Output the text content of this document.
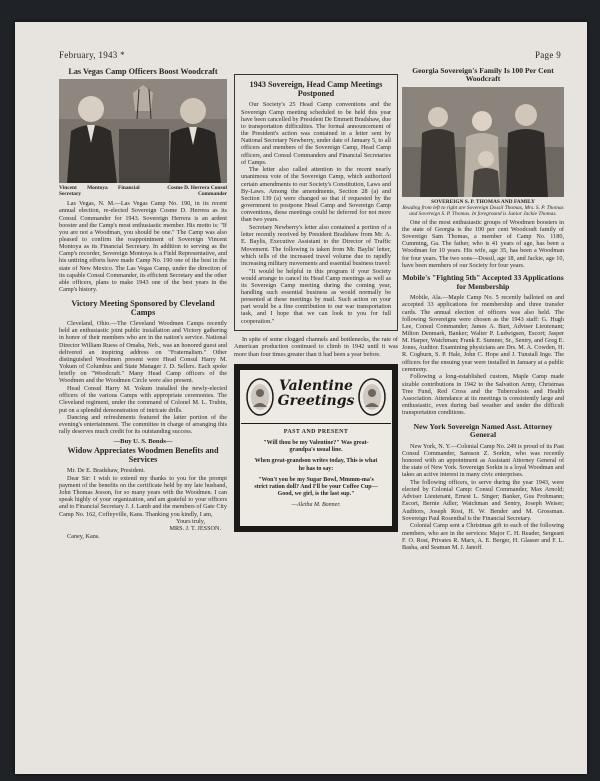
February, 1943 *	Page 9
Las Vegas Camp Officers Boost Woodcraft
Vincent Montoya Financial Secretary
Cosme D. Herrera Consul Commander
Las Vegas, N. M.—Las Vegas Camp No. 190, in its recent annual election, re-elected Sovereign Cosme D. Herrera as its Consul Commander for 1943. Sovereign Herrera is an ardent booster and the Camp's most enthusiastic member. His motto is: "If you are not a Woodman, you should be one." The Camp was also pleased to confirm the reappointment of Sovereign Vincent Montoya as its Financial Secretary. In addition to serving as the Camp's recorder, Sovereign Montoya is a Field Representative, and his untiring efforts have made Camp No. 190 one of the best in the state of New Mexico. The Las Vegas Camp, under the direction of its capable Consul Commander, its efficient Secretary and the other able officers, plans to make 1943 one of the best years in the Camp's history.
Victory Meeting Sponsored by Cleveland Camps
Cleveland, Ohio.—The Cleveland Woodmen Camps recently held an enthusiastic joint public installation and Victory gathering in honor of their members who are in the nation's service. National Director William Ruess of Omaha, Neb., was an honored guest and delivered an inspiring address on "Fraternalism." Other distinguished Woodmen present were Head Consul Harry M. Yokum of Columbus and State Manager J. D. Sellers. Each spoke briefly on "Woodcraft." Many Head Camp officers of the Woodmen and the Woodmen Circle were also present.
Head Consul Harry M. Yokum installed the newly-elected officers of the various Camps with appropriate ceremonies. The Cleveland regiment, under the command of Colonel M. L. Trubin, put on a splendid demonstration of intricate drills.
Dancing and refreshments featured the latter portion of the evening's entertainment. The committee in charge of arranging this rally deserves much credit for its outstanding success.
—Buy U. S. Bonds—
Widow Appreciates Woodmen Benefits and Services
Mr. De E. Bradshaw, President.
Dear Sir: I wish to extend my thanks to you for the prompt payment of the benefits on the certificate held by my late husband, John Thomas Jesson, for so many years with the Woodmen. I can speak highly of your organization, and am grateful to your officers and to Financial Secretary J. J. Lamb and the members of Gate City Camp No. 162, Coffeyville, Kans. Thanking you kindly, I am,
Yours truly,
MRS. J. T. JESSON.
Caney, Kans.
1943 Sovereign, Head Camp Meetings Postponed
Our Society's 25 Head Camp conventions and the Sovereign Camp meeting scheduled to be held this year have been cancelled by President De Emmett Bradshaw, due to transportation difficulties. The formal announcement of the President's action was contained in a letter sent by National Secretary Newberry, under date of January 5, to all officers and members of the Sovereign Camp, Head Camp officers, and Consul Commanders and Financial Secretaries of Camps.
The letter also called attention to the recent nearly unanimous vote of the Sovereign Camp, which authorized certain amendments to our Society's Constitution, Laws and By-Laws. Among the amendments, Section 28 (a) and Section 139 (a) were changed so that if requested by the government to postpone Head Camp and Sovereign Camp conventions, these meetings could be deferred for not more than two years.
Secretary Newberry's letter also contained a portion of a letter recently received by President Bradshaw from Mr. A. E. Baylis, Executive Assistant to the Director of Traffic Movement. The following is taken from Mr. Baylis' letter, which tells of the increased travel volume due to rapidly increasing military movements and essential business travel:
"It would be helpful in this program if your Society would arrange to cancel its Head Camp meetings as well as its Sovereign Camp meeting during the coming year, handling such essential business as would normally be presented at these meetings by mail. Such action on your part would be a fine contribution to our war transportation task, and I hope that we can look to you for full cooperation."
In spite of some clogged channels and bottlenecks, the rate of American production continued to climb in 1942 until it was more than four times greater than it had been a year before.
Valentine Greetings
PAST AND PRESENT
"Will thou be my Valentine?" Was great-grandpa's usual line.
When great-grandson writes today, This is what he has to say:
"Won't you be my Sugar Bowl, Mmmm-ma's strict ration doll? And I'll be your Coffee Cup— Good, we girl, is the last sup."
—Aletha M. Bonner.
Georgia Sovereign's Family Is 100 Per Cent Woodcraft
SOVEREIGN S. P. THOMAS AND FAMILY
Reading from left to right are Sovereign Dossil Thomas, Mrs. S. P. Thomas and Sovereign S. P. Thomas. In foreground is Junior Jackie Thomas.
One of the most enthusiastic groups of Woodmen boosters in the state of Georgia is the 100 per cent Woodcraft family of Sovereign Sam Thomas, a member of Camp No. 1180, Cumming, Ga. The father, who is 41 years of age, has been a Woodman for 10 years. His wife, age 35, has been a Woodman for four years. The two sons—Dossil, age 18, and Jackie, age 10, have been members of our Society for four years.
Mobile's "Fighting 5th" Accepted 33 Applications for Membership
Mobile, Ala.—Maple Camp No. 5 recently balloted on and accepted 33 applications for membership and three transfer cards. The annual election of officers was also held. The following Sovereigns were chosen as the 1943 staff: G. Hugh Lee, Consul Commander; James A. Burt, Adviser Lieutenant; Milton Denmark, Banker; Walter P. Ludwigsen, Escort; Jasper M. Harper, Watchman; Frank E. Sumner, Sr., Sentry, and Greg E. Jones, Auditor. Examining physicians are Drs. M. A. Cowden, H. R. Cogburn, S. P. Hale, John C. Hope and J. Tunstall Inge. The officers for the ensuing year were installed in January at a public ceremony.
Following a long-established custom, Maple Camp made sizable contributions in 1942 to the Salvation Army, Christmas Tree Fund, Red Cross and the Tuberculosis and Health Association. Attendance at its meetings is consistently large and enthusiastic, even during bad weather and under the difficult transportation conditions.
New York Sovereign Named Asst. Attorney General
New York, N. Y.—Colonial Camp No. 249 is proud of its Past Consul Commander, Samson Z. Sorkin, who was recently honored with an appointment as Assistant Attorney General of the state of New York. Sovereign Sorkin is a loyal Woodman and takes an active interest in many civic enterprises.
The following officers, to serve during the year 1943, were elected by Colonial Camp: Consul Commander, Max Arnold; Adviser Lieutenant, Ernest L. Singer; Banker, Gus Frohmann; Escort, Bernie Adler; Watchman and Sentry, Joseph Weiser; Auditors, Joseph Rost, H. W. Bender and M. Grossman. Sovereign Paul Rosenthal is the Financial Secretary.
Colonial Camp sent a Christmas gift to each of the following members, who are in the services: Major C. H. Reader, Sergeant F. O. Rost, Privates R. Marx, A. E. Berger, H. Glasser and F. L. Basha, and Seaman M. J. Janoff.
